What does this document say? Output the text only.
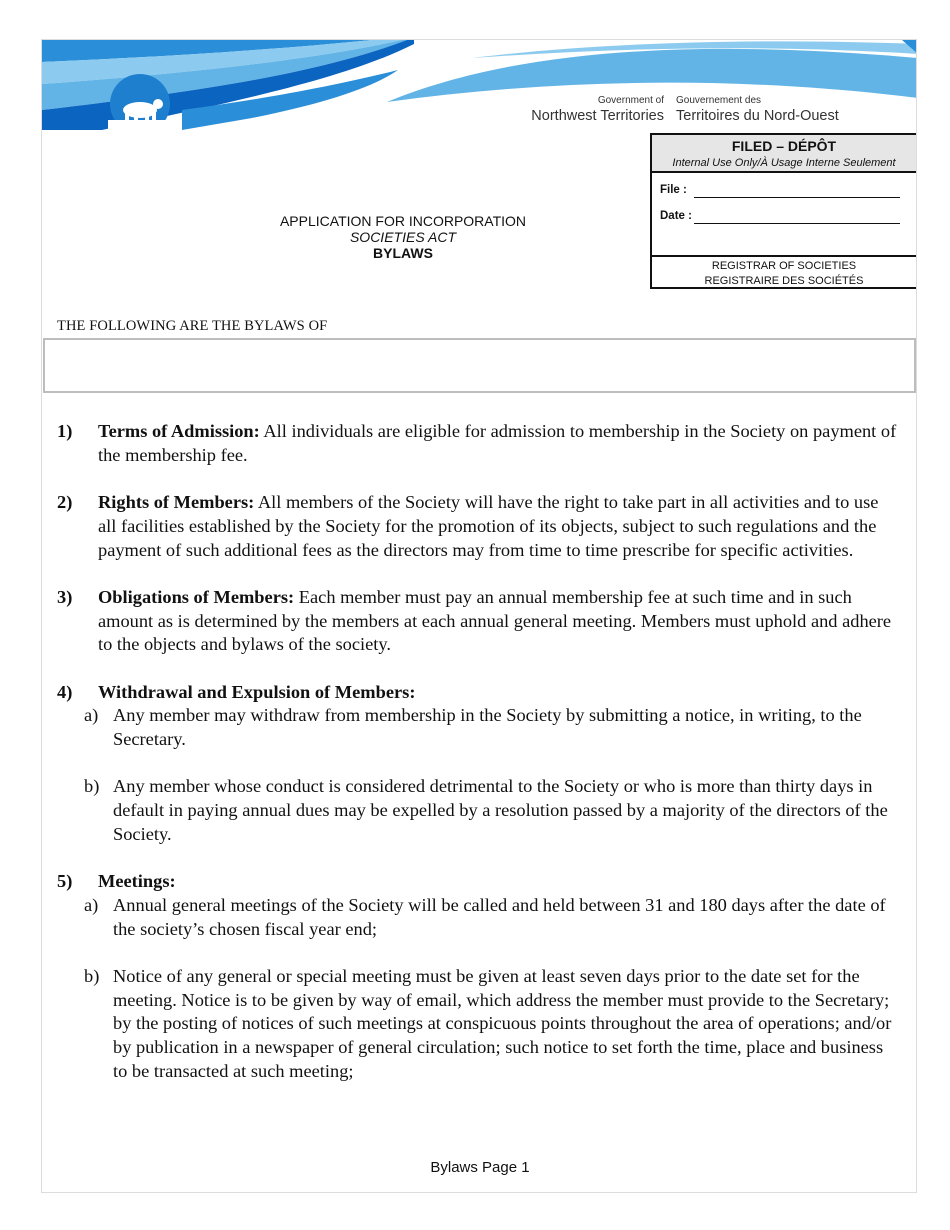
Government of
Northwest Territories
Gouvernement des
Territoires du Nord-Ouest
FILED – DÉPÔT
Internal Use Only/À Usage Interne Seulement
File :
Date :
REGISTRAR OF SOCIETIES
REGISTRAIRE DES SOCIÉTÉS
APPLICATION FOR INCORPORATION
SOCIETIES ACT
BYLAWS
THE FOLLOWING ARE THE BYLAWS OF
1) Terms of Admission: All individuals are eligible for admission to membership in the Society on payment of the membership fee.
2) Rights of Members: All members of the Society will have the right to take part in all activities and to use all facilities established by the Society for the promotion of its objects, subject to such regulations and the payment of such additional fees as the directors may from time to time prescribe for specific activities.
3) Obligations of Members: Each member must pay an annual membership fee at such time and in such amount as is determined by the members at each annual general meeting. Members must uphold and adhere to the objects and bylaws of the society.
4) Withdrawal and Expulsion of Members:
a) Any member may withdraw from membership in the Society by submitting a notice, in writing, to the Secretary.
b) Any member whose conduct is considered detrimental to the Society or who is more than thirty days in default in paying annual dues may be expelled by a resolution passed by a majority of the directors of the Society.
5) Meetings:
a) Annual general meetings of the Society will be called and held between 31 and 180 days after the date of the society’s chosen fiscal year end;
b) Notice of any general or special meeting must be given at least seven days prior to the date set for the meeting. Notice is to be given by way of email, which address the member must provide to the Secretary; by the posting of notices of such meetings at conspicuous points throughout the area of operations; and/or by publication in a newspaper of general circulation; such notice to set forth the time, place and business to be transacted at such meeting;
Bylaws Page 1
